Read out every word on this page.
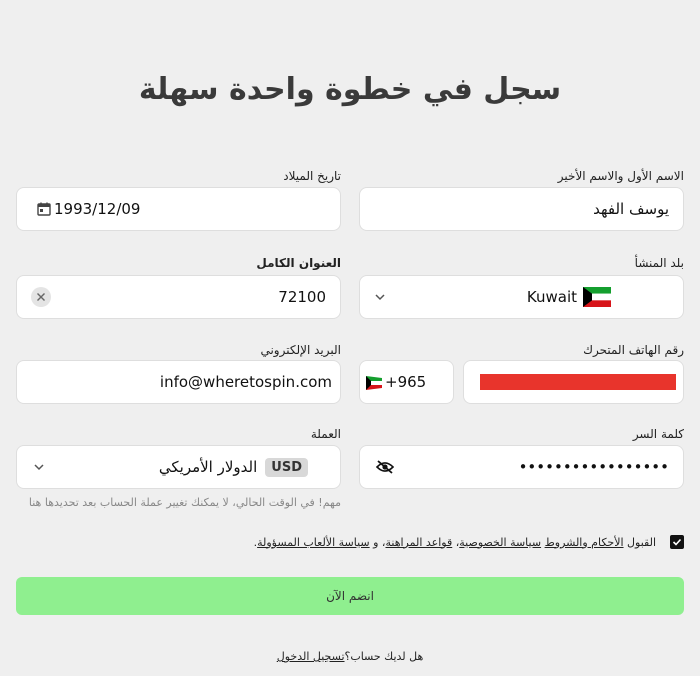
سجل في خطوة واحدة سهلة
الاسم الأول والاسم الأخير
يوسف الفهد
تاريخ الميلاد
1993/12/09
بلد المنشأ
Kuwait
العنوان الكامل
72100
رقم الهاتف المتحرك
+965
البريد الإلكتروني
info@wheretospin.com
كلمة السر
•••••••••••••••••
العملة
الدولار الأمريكي	USD
مهم! في الوقت الحالي، لا يمكنك تغيير عملة الحساب بعد تحديدها هنا
القبول الأحكام والشروط سياسة الخصوصية، قواعد المراهنة، و سياسة الألعاب المسؤولة.
انضم الآن
هل لديك حساب؟تسجيل الدخول
